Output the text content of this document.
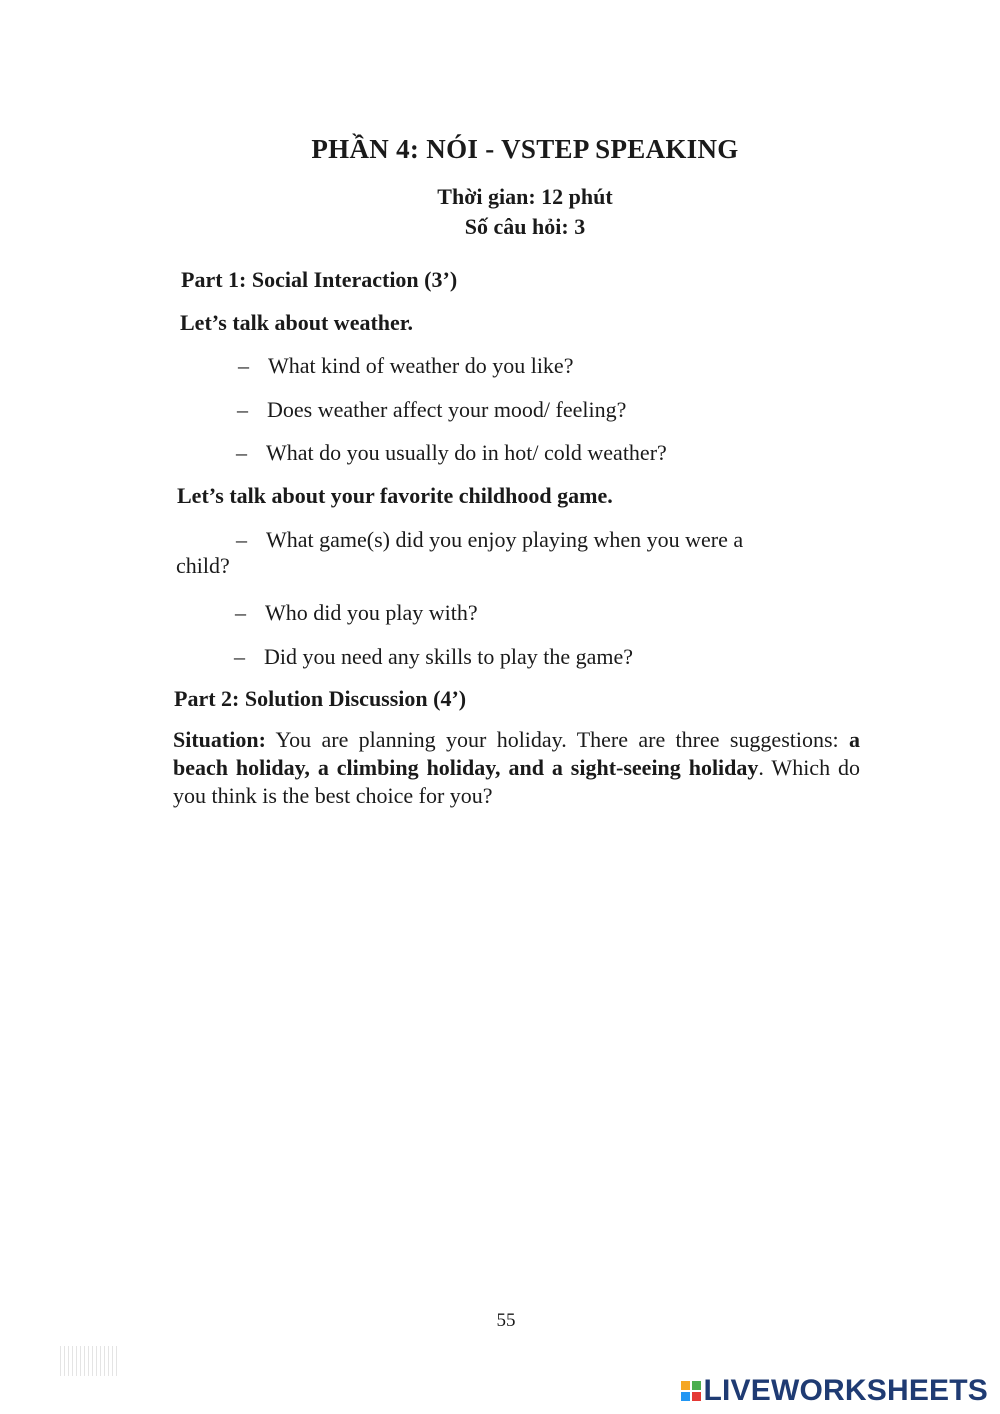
PHẦN 4: NÓI - VSTEP SPEAKING
Thời gian: 12 phút
Số câu hỏi: 3
Part 1: Social Interaction (3’)
Let’s talk about weather.
– What kind of weather do you like?
– Does weather affect your mood/ feeling?
– What do you usually do in hot/ cold weather?
Let’s talk about your favorite childhood game.
– What game(s) did you enjoy playing when you were a
child?
– Who did you play with?
– Did you need any skills to play the game?
Part 2: Solution Discussion (4’)
Situation: You are planning your holiday. There are three suggestions: a beach holiday, a climbing holiday, and a sight-seeing holiday. Which do you think is the best choice for you?
55
LIVEWORKSHEETS
